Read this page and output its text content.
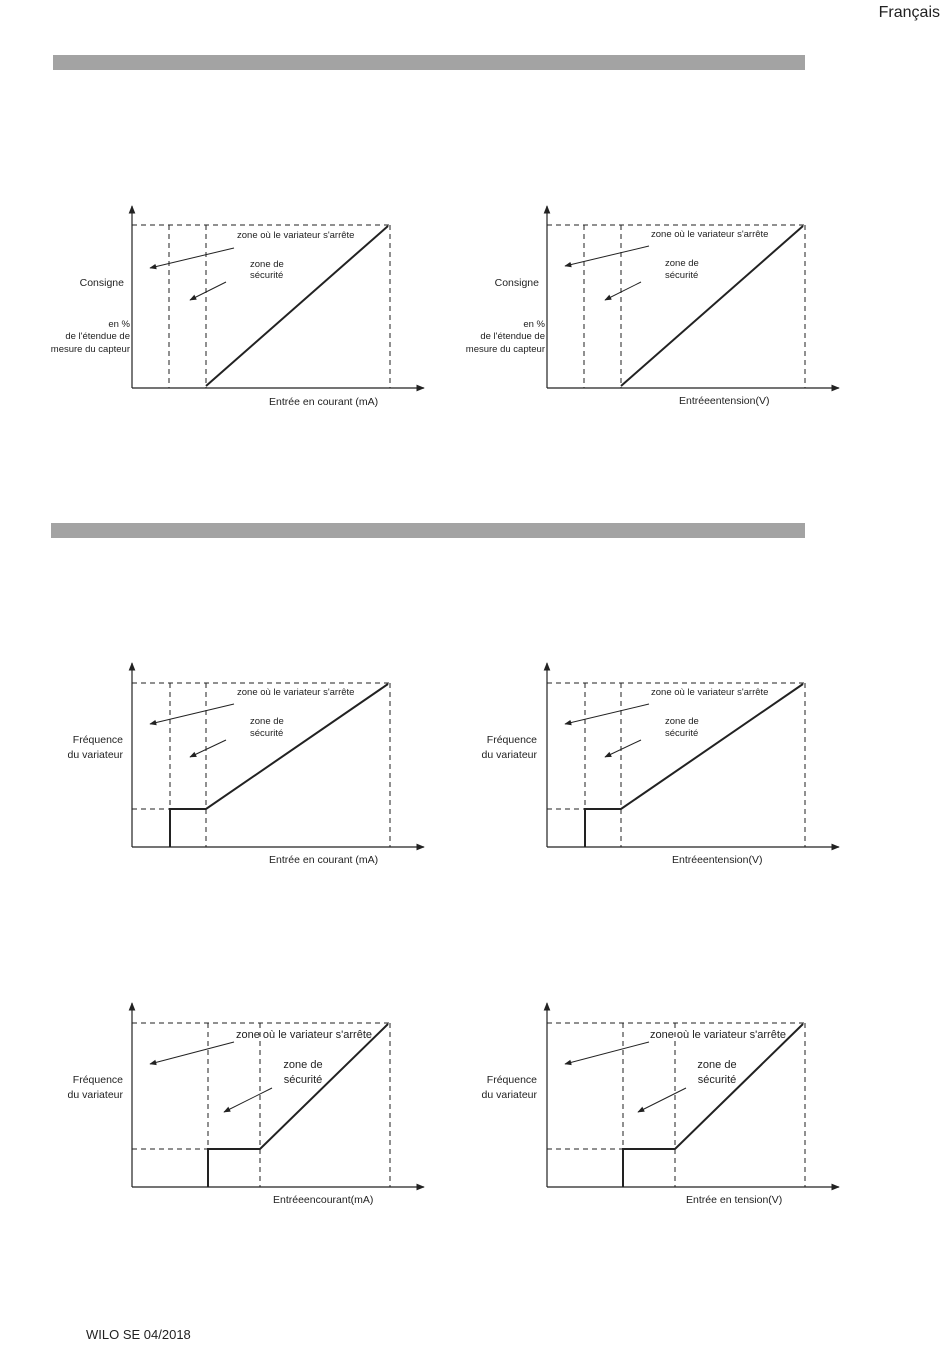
Français
zone où le variateur s'arrête
zone de
sécurité
Consigne
en %
de l'étendue de
mesure du capteur
Entrée en courant (mA)
zone où le variateur s'arrête
zone de
sécurité
Consigne
en %
de l'étendue de
mesure du capteur
Entréeentension(V)
zone où le variateur s'arrête
zone de
sécurité
Fréquence
du variateur
Entrée en courant (mA)
zone où le variateur s'arrête
zone de
sécurité
Fréquence
du variateur
Entréeentension(V)
zone où le variateur s'arrête
zone de
sécurité
Fréquence
du variateur
Entréeencourant(mA)
zone où le variateur s'arrête
zone de
sécurité
Fréquence
du variateur
Entrée en tension(V)
WILO SE 04/2018
